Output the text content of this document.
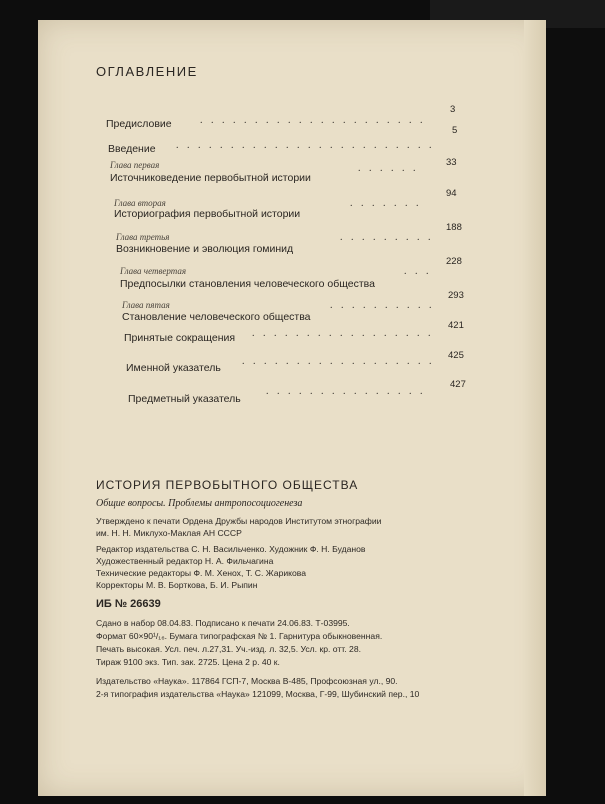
ОГЛАВЛЕНИЕ
Предисловие	. . . . . . . . . . . . . . . . . . . . .
3
Введение . . . . . . . . . . . . . . . . . . . . . . . .
5
Глава первая
Источниковедение первобытной истории
. . . . . .
33
Глава вторая
Историография первобытной истории
. . . . . . .
94
Глава третья
Возникновение и эволюция гоминид
. . . . . . . . .
188
Глава четвертая
Предпосылки становления человеческого общества
. . .
228
Глава пятая
Становление человеческого общества
. . . . . . . . . .
293
Принятые сокращения . . . . . . . . . . . . . . . . .
421
Именной указатель
. . . . . . . . . . . . . . . . . .
425
Предметный указатель
. . . . . . . . . . . . . . .
427
ИСТОРИЯ ПЕРВОБЫТНОГО ОБЩЕСТВА
Общие вопросы. Проблемы антропосоциогенеза
Утверждено к печати Ордена Дружбы народов Институтом этнографии
им. Н. Н. Миклухо-Маклая АН СССР
Редактор издательства С. Н. Васильченко. Художник Ф. Н. Буданов
Художественный редактор Н. А. Фильчагина
Технические редакторы Ф. М. Хенох, Т. С. Жарикова
Корректоры М. В. Борткова, Б. И. Рыпин
ИБ № 26639
Сдано в набор 08.04.83. Подписано к печати 24.06.83. Т-03995.
Формат 60×90¹/₁₆. Бумага типографская № 1. Гарнитура обыкновенная.
Печать высокая. Усл. печ. л.27,31. Уч.-изд. л. 32,5. Усл. кр. отт. 28.
Тираж 9100 экз. Тип. зак. 2725. Цена 2 р. 40 к.
Издательство «Наука». 117864 ГСП-7, Москва В-485, Профсоюзная ул., 90.
2-я типография издательства «Наука» 121099, Москва, Г-99, Шубинский пер., 10
